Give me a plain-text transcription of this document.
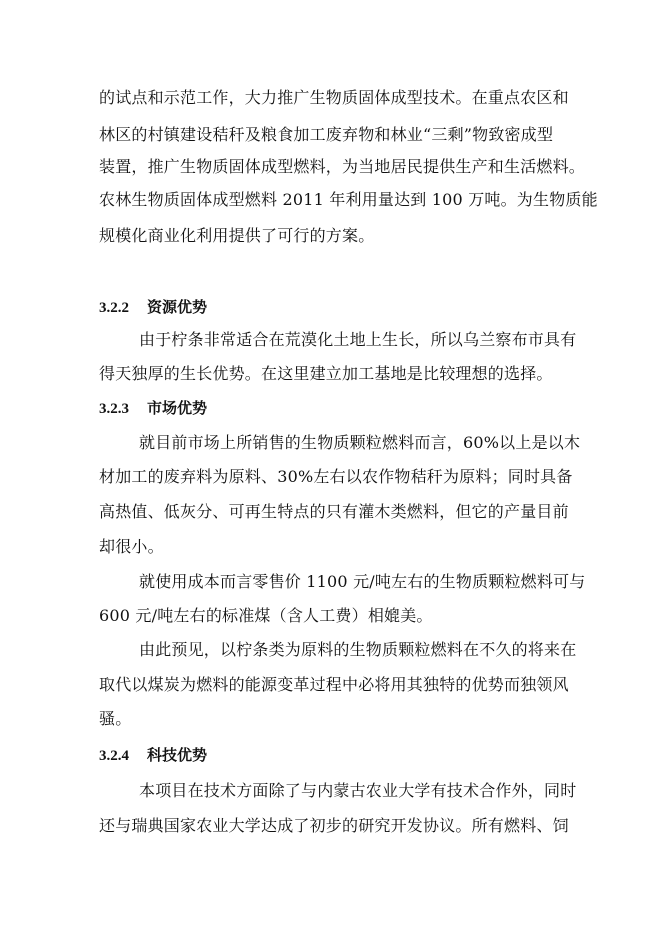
的试点和示范工作，大力推广生物质固体成型技术。在重点农区和
林区的村镇建设秸秆及粮食加工废弃物和林业“三剩”物致密成型
装置，推广生物质固体成型燃料，为当地居民提供生产和生活燃料。
农林生物质固体成型燃料 2011 年利用量达到 100 万吨。为生物质能
规模化商业化利用提供了可行的方案。
3.2.2 资源优势
由于柠条非常适合在荒漠化土地上生长，所以乌兰察布市具有
得天独厚的生长优势。在这里建立加工基地是比较理想的选择。
3.2.3 市场优势
就目前市场上所销售的生物质颗粒燃料而言，60%以上是以木
材加工的废弃料为原料、30%左右以农作物秸秆为原料；同时具备
高热值、低灰分、可再生特点的只有灌木类燃料，但它的产量目前
却很小。
就使用成本而言零售价 1100 元/吨左右的生物质颗粒燃料可与
600 元/吨左右的标准煤（含人工费）相媲美。
由此预见，以柠条类为原料的生物质颗粒燃料在不久的将来在
取代以煤炭为燃料的能源变革过程中必将用其独特的优势而独领风
骚。
3.2.4 科技优势
本项目在技术方面除了与内蒙古农业大学有技术合作外，同时
还与瑞典国家农业大学达成了初步的研究开发协议。所有燃料、饲
